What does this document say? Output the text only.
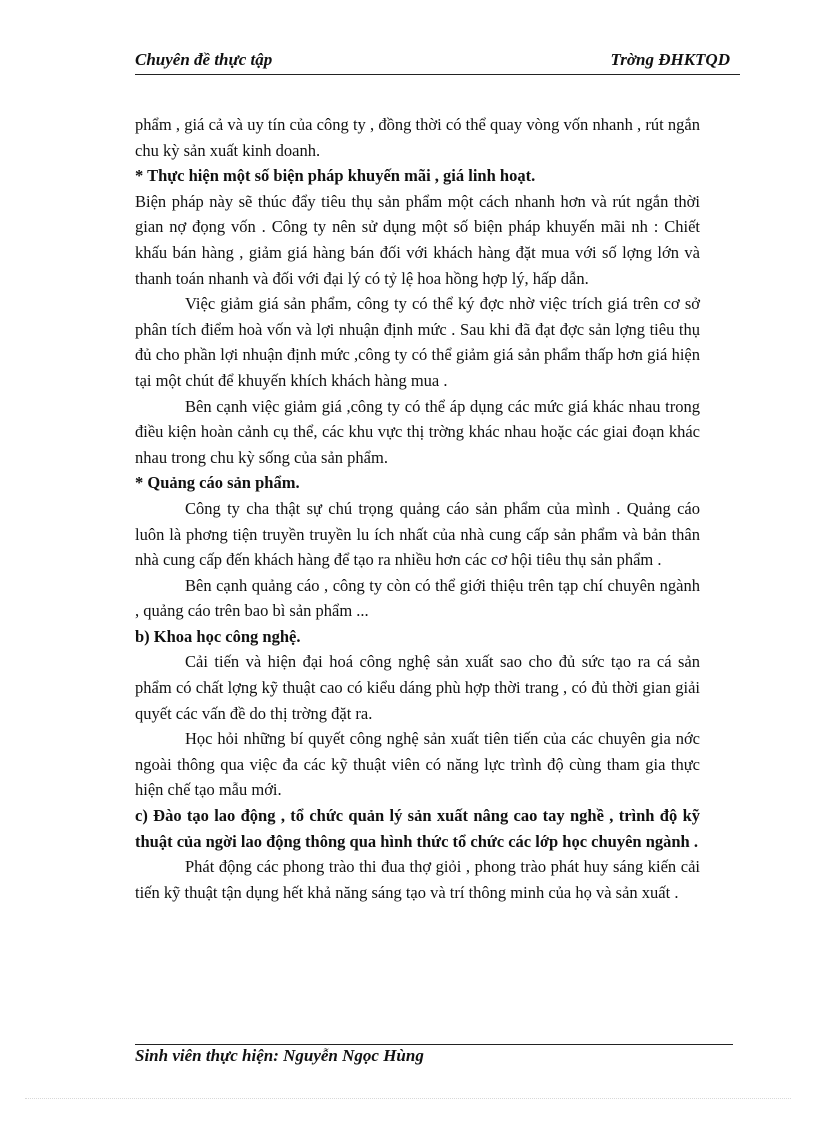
Chuyên đề thực tập	Trờng ĐHKTQD

phẩm , giá cả và uy tín của công ty , đồng thời có thể quay vòng vốn nhanh , rút ngắn chu kỳ sản xuất kinh doanh.

* Thực hiện một số biện pháp khuyến mãi , giá linh hoạt.

Biện pháp này sẽ thúc đẩy tiêu thụ sản phẩm một cách nhanh hơn và rút ngắn thời gian nợ đọng vốn . Công ty nên sử dụng một số biện pháp khuyến mãi nh : Chiết khấu bán hàng , giảm giá hàng bán đối với khách hàng đặt mua với số lợng lớn và thanh toán nhanh và đối với đại lý có tỷ lệ hoa hồng hợp lý, hấp dẫn.

Việc giảm giá sản phẩm, công ty có thể ký đợc nhờ việc trích giá trên cơ sở phân tích điểm hoà vốn và lợi nhuận định mức . Sau khi đã đạt đợc sản lợng tiêu thụ đủ cho phần lợi nhuận định mức ,công ty có thể giảm giá sản phẩm thấp hơn giá hiện tại một chút để khuyến khích khách hàng mua .

Bên cạnh việc giảm giá ,công ty có thể áp dụng các mức giá khác nhau trong điều kiện hoàn cảnh cụ thể, các khu vực thị trờng khác nhau hoặc các giai đoạn khác nhau trong chu kỳ sống của sản phẩm.

* Quảng cáo sản phẩm.

Công ty cha thật sự chú trọng quảng cáo sản phẩm của mình . Quảng cáo luôn là phơng tiện truyền truyền lu ích nhất của nhà cung cấp sản phẩm và bản thân nhà cung cấp đến khách hàng để tạo ra nhiều hơn các cơ hội tiêu thụ sản phẩm .

Bên cạnh quảng cáo , công ty còn có thể giới thiệu trên tạp chí chuyên ngành , quảng cáo trên bao bì sản phẩm ...

b) Khoa học công nghệ.

Cải tiến và hiện đại hoá công nghệ sản xuất sao cho đủ sức tạo ra cá sản phẩm có chất lợng kỹ thuật cao có kiểu dáng phù hợp thời trang , có đủ thời gian giải quyết các vấn đề do thị trờng đặt ra.

Học hỏi những bí quyết công nghệ sản xuất tiên tiến của các chuyên gia nớc ngoài thông qua việc đa các kỹ thuật viên có năng lực trình độ cùng tham gia thực hiện chế tạo mẫu mới.

c) Đào tạo lao động , tổ chức quản lý sản xuất nâng cao tay nghề , trình độ kỹ thuật của ngời lao động thông qua hình thức tổ chức các lớp học chuyên ngành .

Phát động các phong trào thi đua thợ giỏi , phong trào phát huy sáng kiến cải tiến kỹ thuật tận dụng hết khả năng sáng tạo và trí thông minh của họ và sản xuất .

Sinh viên thực hiện: Nguyễn Ngọc Hùng
